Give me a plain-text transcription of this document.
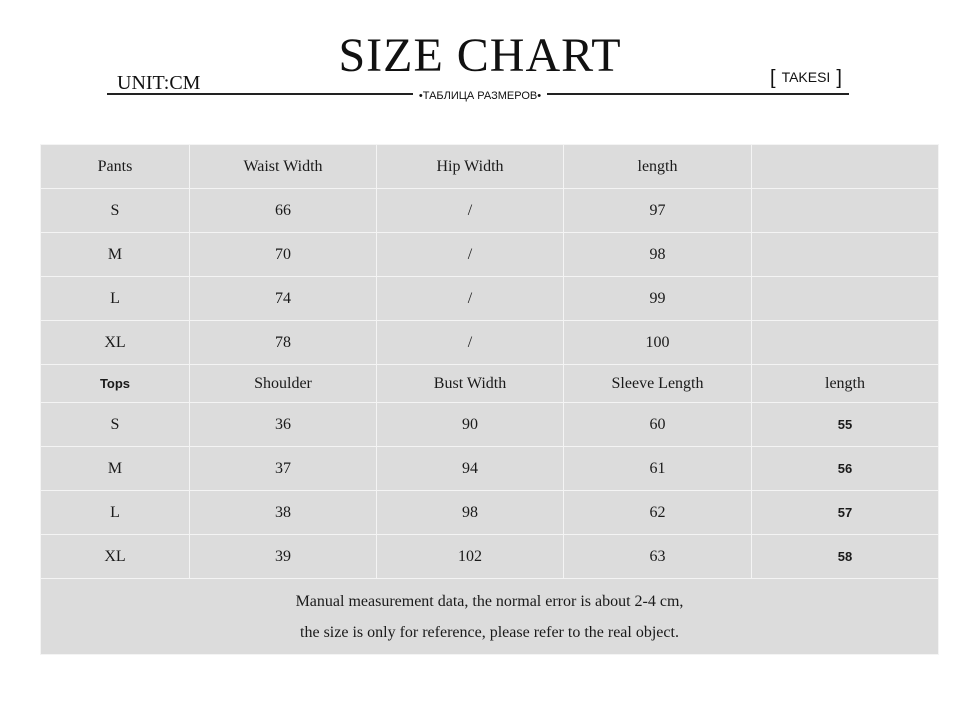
SIZE CHART
UNIT:CM
•ТАБЛИЦА РАЗМЕРОВ•
[ TAKESI ]
Pants	Waist Width	Hip Width	length	
S	66	/	97	
M	70	/	98	
L	74	/	99	
XL	78	/	100	
Tops	Shoulder	Bust Width	Sleeve Length	length
S	36	90	60	55
M	37	94	61	56
L	38	98	62	57
XL	39	102	63	58

Manual measurement data, the normal error is about 2-4 cm,
the size is only for reference, please refer to the real object.				
